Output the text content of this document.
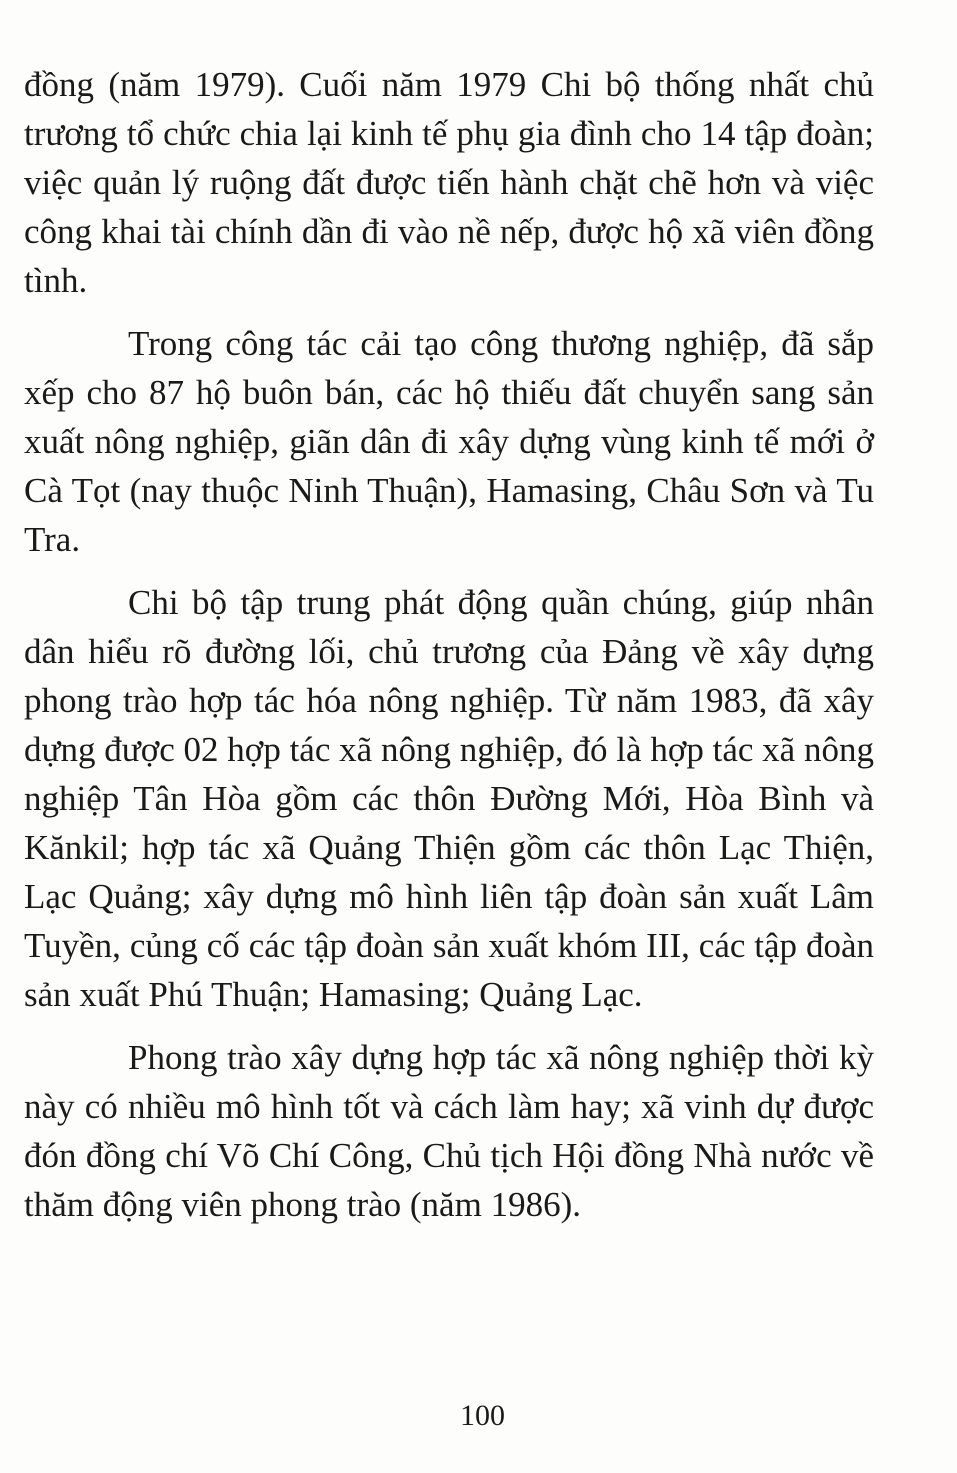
đồng (năm 1979). Cuối năm 1979 Chi bộ thống nhất chủ trương tổ chức chia lại kinh tế phụ gia đình cho 14 tập đoàn; việc quản lý ruộng đất được tiến hành chặt chẽ hơn và việc công khai tài chính dần đi vào nề nếp, được hộ xã viên đồng tình.

Trong công tác cải tạo công thương nghiệp, đã sắp xếp cho 87 hộ buôn bán, các hộ thiếu đất chuyển sang sản xuất nông nghiệp, giãn dân đi xây dựng vùng kinh tế mới ở Cà Tọt (nay thuộc Ninh Thuận), Hamasing, Châu Sơn và Tu Tra.

Chi bộ tập trung phát động quần chúng, giúp nhân dân hiểu rõ đường lối, chủ trương của Đảng về xây dựng phong trào hợp tác hóa nông nghiệp. Từ năm 1983, đã xây dựng được 02 hợp tác xã nông nghiệp, đó là hợp tác xã nông nghiệp Tân Hòa gồm các thôn Đường Mới, Hòa Bình và Kănkil; hợp tác xã Quảng Thiện gồm các thôn Lạc Thiện, Lạc Quảng; xây dựng mô hình liên tập đoàn sản xuất Lâm Tuyền, củng cố các tập đoàn sản xuất khóm III, các tập đoàn sản xuất Phú Thuận; Hamasing; Quảng Lạc.

Phong trào xây dựng hợp tác xã nông nghiệp thời kỳ này có nhiều mô hình tốt và cách làm hay; xã vinh dự được đón đồng chí Võ Chí Công, Chủ tịch Hội đồng Nhà nước về thăm động viên phong trào (năm 1986).

100
